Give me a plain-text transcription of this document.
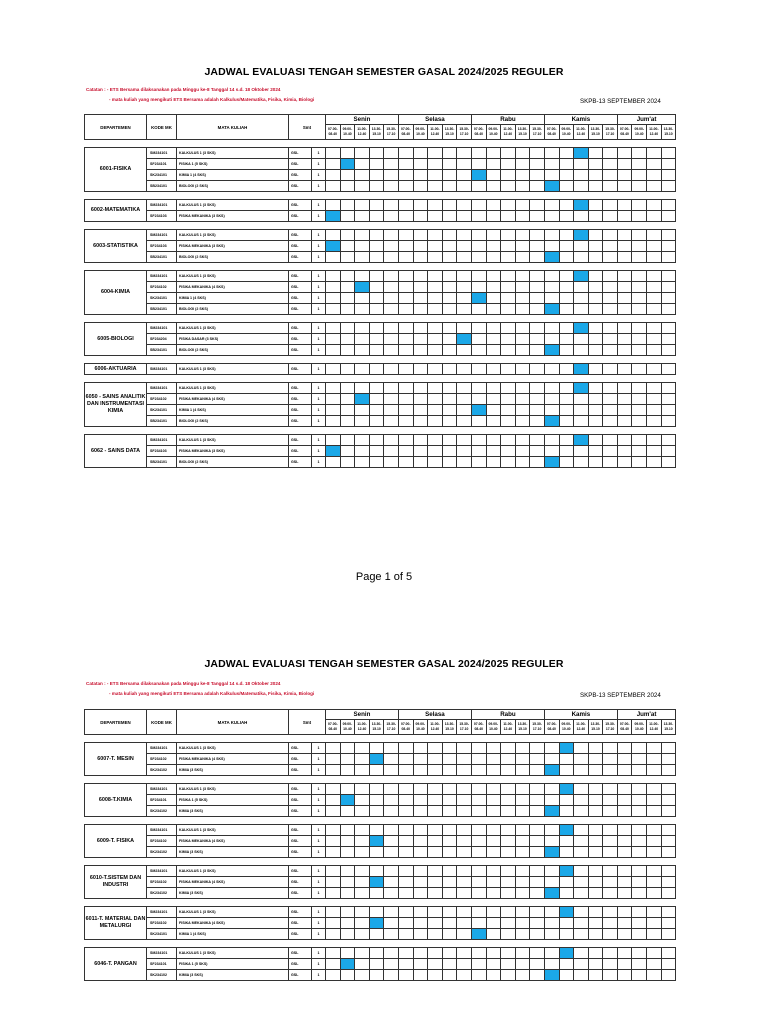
JADWAL EVALUASI TENGAH SEMESTER GASAL 2024/2025 REGULER
Catatan : - ETS Bersama dilaksanakan pada Minggu ke-8 Tanggal 14 s.d. 18 Oktober 2024
- mata kuliah yang mengikuti ETS Bersama adalah Kalkulus/Matematika, Fisika, Kimia, Biologi	SKPB-13 SEPTEMBER 2024
DEPARTEMEN	KODE MK	MATA KULIAH	Smt		Senin					Selasa					Rabu					Kamis					Jum'at			
					07.00-08.40	09.00-10.40	11.00-12.40	13.30-15.10	15.30-17.10	07.00-08.40	09.00-10.40	11.00-12.40	13.30-15.10	15.30-17.10	07.00-08.40	09.00-10.40	11.00-12.40	13.30-15.10	15.30-17.10	07.00-08.40	09.00-10.40	11.00-12.40	13.30-15.10	15.30-17.10	07.00-08.40	09.00-10.40	11.00-12.40	13.30-15.10

6001-FISIKA	SM234101	KALKULUS 1 (3 SKS)	GSL	1																								
	SF234101	FISIKA 1 (5 SKS)	GSL	1																								
	SK234101	KIMIA 1 (4 SKS)	GSL	1																								
	SB234101	BIOLOGI (2 SKS)	GSL	1																								

6002-MATEMATIKA	SM234101	KALKULUS 1 (3 SKS)	GSL	1																								
	SF234103	FISIKA MEKANIKA (3 SKS)	GSL	1																								

6003-STATISTIKA	SM234101	KALKULUS 1 (3 SKS)	GSL	1																								
	SF234103	FISIKA MEKANIKA (3 SKS)	GSL	1																								
	SB234101	BIOLOGI (2 SKS)	GSL	1																								

6004-KIMIA	SM234101	KALKULUS 1 (3 SKS)	GSL	1																								
	SF234102	FISIKA MEKANIKA (4 SKS)	GSL	1																								
	SK234101	KIMIA 1 (4 SKS)	GSL	1																								
	SB234101	BIOLOGI (2 SKS)	GSL	1																								

6005-BIOLOGI	SM234101	KALKULUS 1 (3 SKS)	GSL	1																								
	SF234204	FISIKA DASAR (3 SKS)	GSL	1																								
	SB234101	BIOLOGI (2 SKS)	GSL	1																								

6006-AKTUARIA	SM234101	KALKULUS 1 (3 SKS)	GSL	1																								

6050 - SAINS ANALITIK DAN INSTRUMENTASI KIMIA	SM234101	KALKULUS 1 (3 SKS)	GSL	1																								
	SF234102	FISIKA MEKANIKA (4 SKS)	GSL	1																								
	SK234101	KIMIA 1 (4 SKS)	GSL	1																								
	SB234101	BIOLOGI (2 SKS)	GSL	1																								

6062 - SAINS DATA	SM234101	KALKULUS 1 (3 SKS)	GSL	1																								
	SF234103	FISIKA MEKANIKA (3 SKS)	GSL	1																								
	SB234101	BIOLOGI (2 SKS)	GSL	1																								
Page 1 of 5
JADWAL EVALUASI TENGAH SEMESTER GASAL 2024/2025 REGULER
Catatan : - ETS Bersama dilaksanakan pada Minggu ke-8 Tanggal 14 s.d. 18 Oktober 2024
- mata kuliah yang mengikuti ETS Bersama adalah Kalkulus/Matematika, Fisika, Kimia, Biologi	SKPB-13 SEPTEMBER 2024
DEPARTEMEN	KODE MK	MATA KULIAH	Smt		Senin					Selasa					Rabu					Kamis					Jum'at			
					07.00-08.40	09.00-10.40	11.00-12.40	13.30-15.10	15.30-17.10	07.00-08.40	09.00-10.40	11.00-12.40	13.30-15.10	15.30-17.10	07.00-08.40	09.00-10.40	11.00-12.40	13.30-15.10	15.30-17.10	07.00-08.40	09.00-10.40	11.00-12.40	13.30-15.10	15.30-17.10	07.00-08.40	09.00-10.40	11.00-12.40	13.30-15.10

6007-T. MESIN	SM234101	KALKULUS 1 (3 SKS)	GSL	1																								
	SF234102	FISIKA MEKANIKA (4 SKS)	GSL	1																								
	SK234102	KIMIA (3 SKS)	GSL	1																								

6008-T.KIMIA	SM234101	KALKULUS 1 (3 SKS)	GSL	1																								
	SF234101	FISIKA 1 (5 SKS)	GSL	1																								
	SK234102	KIMIA (3 SKS)	GSL	1																								

6009-T. FISIKA	SM234101	KALKULUS 1 (3 SKS)	GSL	1																								
	SF234102	FISIKA MEKANIKA (4 SKS)	GSL	1																								
	SK234102	KIMIA (3 SKS)	GSL	1																								

6010-T.SISTEM DAN INDUSTRI	SM234101	KALKULUS 1 (3 SKS)	GSL	1																								
	SF234102	FISIKA MEKANIKA (4 SKS)	GSL	1																								
	SK234102	KIMIA (3 SKS)	GSL	1																								

6011-T. MATERIAL DAN METALURGI	SM234101	KALKULUS 1 (3 SKS)	GSL	1																								
	SF234102	FISIKA MEKANIKA (4 SKS)	GSL	1																								
	SK234101	KIMIA 1 (4 SKS)	GSL	1																								

6046-T. PANGAN	SM234101	KALKULUS 1 (3 SKS)	GSL	1																								
	SF234101	FISIKA 1 (5 SKS)	GSL	1																								
	SK234102	KIMIA (3 SKS)	GSL	1																								
